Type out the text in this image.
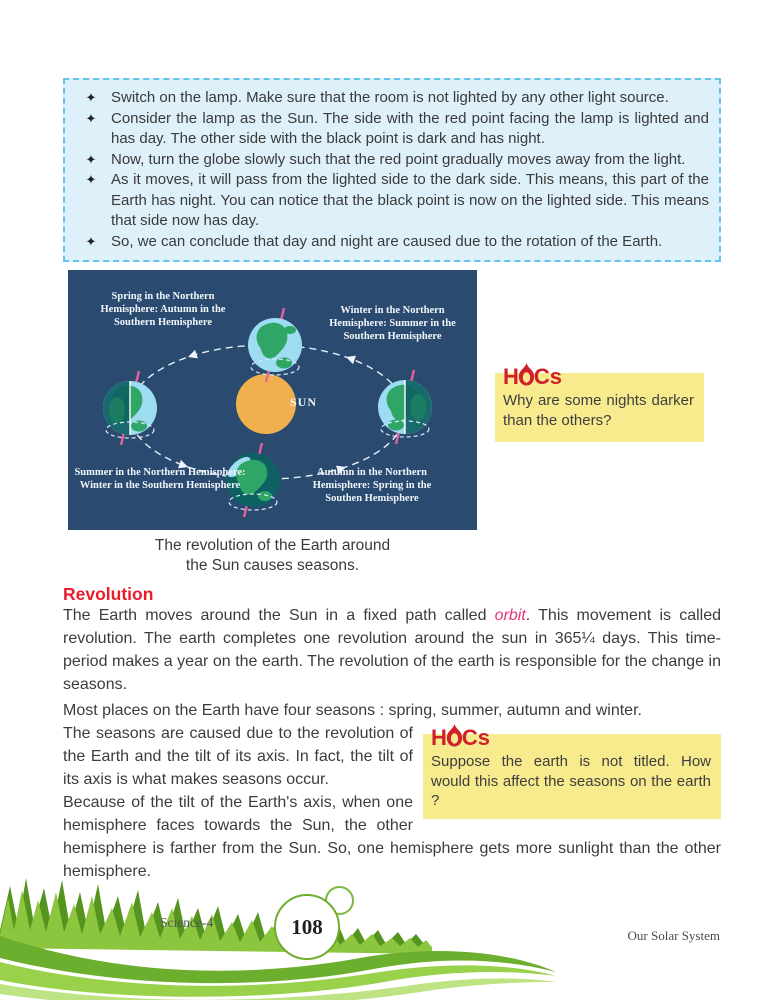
✦ Switch on the lamp. Make sure that the room is not lighted by any other light source.
✦ Consider the lamp as the Sun. The side with the red point facing the lamp is lighted and has day. The other side with the black point is dark and has night.
✦ Now, turn the globe slowly such that the red point gradually moves away from the light.
✦ As it moves, it will pass from the lighted side to the dark side. This means, this part of the Earth has night. You can notice that the black point is now on the lighted side. This means that side now has day.
✦ So, we can conclude that day and night are caused due to the rotation of the Earth.
Spring in the Northern Hemisphere: Autumn in the Southern Hemisphere
Winter in the Northern Hemisphere: Summer in the Southern Hemisphere
Summer in the Northern Hemisphere: Winter in the Southern Hemisphere
Autumn in the Northern Hemisphere: Spring in the Southen Hemisphere
SUN
H Cs
Why are some nights darker than the others?
The revolution of the Earth around
the Sun causes seasons.
Revolution
The Earth moves around the Sun in a fixed path called orbit. This movement is called revolution. The earth completes one revolution around the sun in 365¼ days. This time-period makes a year on the earth. The revolution of the earth is responsible for the change in seasons.

Most places on the Earth have four seasons : spring, summer, autumn and winter.

H Cs
Suppose the earth is not titled. How would this affect the seasons on the earth ?

The seasons are caused due to the revolution of the Earth and the tilt of its axis. In fact, the tilt of its axis is what makes seasons occur.

Because of the tilt of the Earth's axis, when one hemisphere faces towards the Sun, the other hemisphere is farther from the Sun. So, one hemisphere gets more sunlight than the other hemisphere.

Science-4	108	Our Solar System
